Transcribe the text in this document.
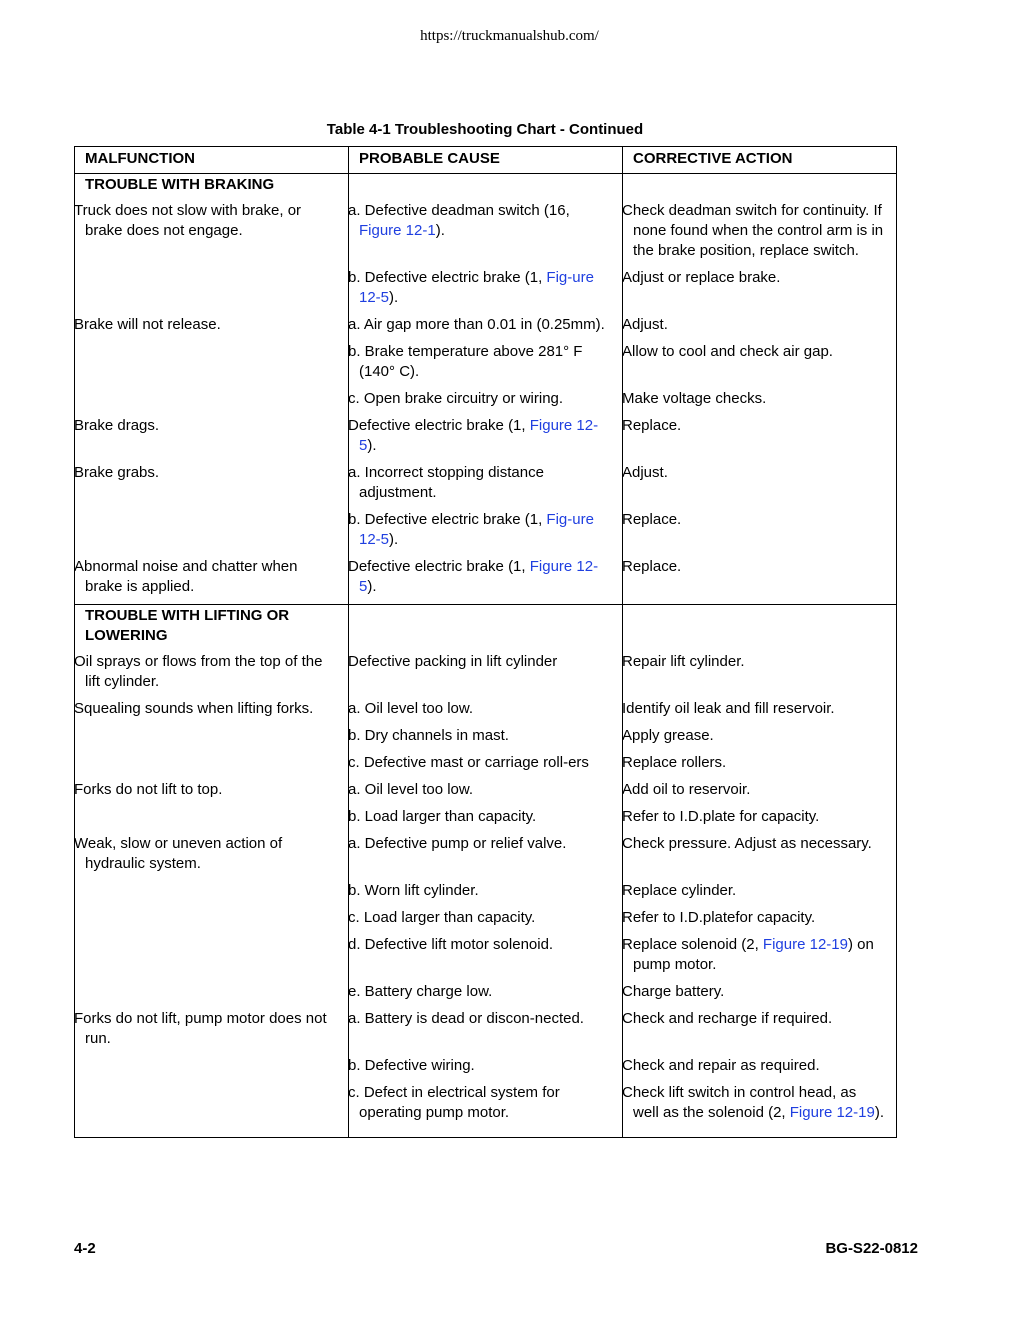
https://truckmanualshub.com/
Table 4-1 Troubleshooting Chart - Continued
MALFUNCTION	PROBABLE CAUSE	CORRECTIVE ACTION

TROUBLE WITH BRAKING		

Truck does not slow with brake, or brake does not engage.	a. Defective deadman switch (16, Figure 12-1).	Check deadman switch for continuity. If none found when the control arm is in the brake position, replace switch.
	b. Defective electric brake (1, Fig-ure 12-5).	Adjust or replace brake.
Brake will not release.	a. Air gap more than 0.01 in (0.25mm).	Adjust.
	b. Brake temperature above 281° F (140° C).	Allow to cool and check air gap.
	c. Open brake circuitry or wiring.	Make voltage checks.
Brake drags.	Defective electric brake (1, Figure 12-5).	Replace.
Brake grabs.	a. Incorrect stopping distance adjustment.	Adjust.
	b. Defective electric brake (1, Fig-ure 12-5).	Replace.
Abnormal noise and chatter when brake is applied.	Defective electric brake (1, Figure 12-5).	Replace.

TROUBLE WITH LIFTING OR LOWERING		

Oil sprays or flows from the top of the lift cylinder.	Defective packing in lift cylinder	Repair lift cylinder.
Squealing sounds when lifting forks.	a. Oil level too low.	Identify oil leak and fill reservoir.
	b. Dry channels in mast.	Apply grease.
	c. Defective mast or carriage roll-ers	Replace rollers.
Forks do not lift to top.	a. Oil level too low.	Add oil to reservoir.
	b. Load larger than capacity.	Refer to I.D.plate for capacity.
Weak, slow or uneven action of hydraulic system.	a. Defective pump or relief valve.	Check pressure. Adjust as necessary.
	b. Worn lift cylinder.	Replace cylinder.
	c. Load larger than capacity.	Refer to I.D.platefor capacity.
	d. Defective lift motor solenoid.	Replace solenoid (2, Figure 12-19) on pump motor.
	e. Battery charge low.	Charge battery.
Forks do not lift, pump motor does not run.	a. Battery is dead or discon-nected.	Check and recharge if required.
	b. Defective wiring.	Check and repair as required.
	c. Defect in electrical system for operating pump motor.	Check lift switch in control head, as well as the solenoid (2, Figure 12-19).
4-2	BG-S22-0812
